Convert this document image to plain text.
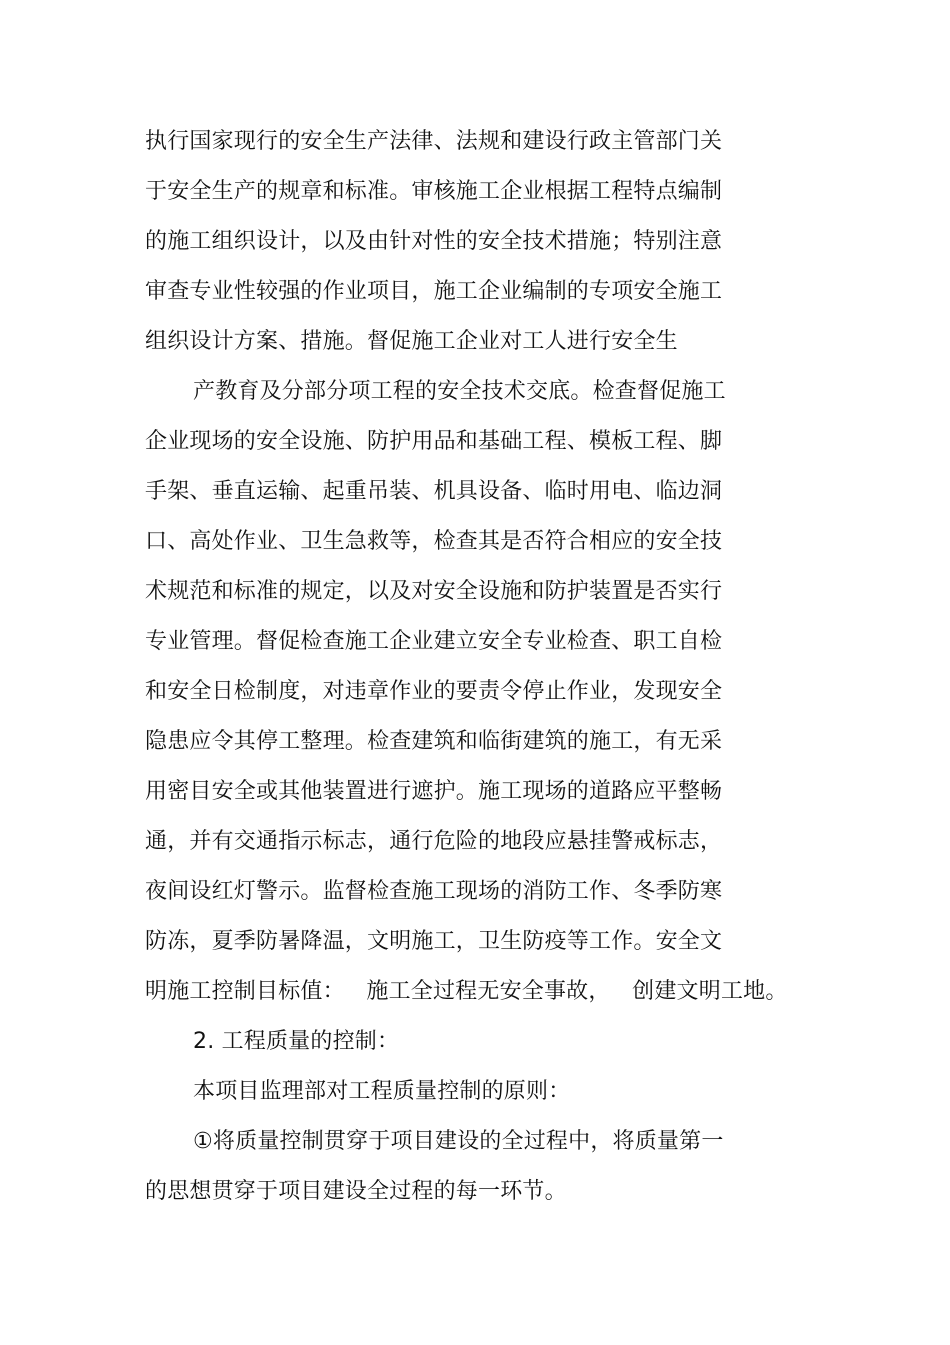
执行国家现行的安全生产法律、法规和建设行政主管部门关

于安全生产的规章和标准。审核施工企业根据工程特点编制

的施工组织设计，以及由针对性的安全技术措施；特别注意

审查专业性较强的作业项目，施工企业编制的专项安全施工

组织设计方案、措施。督促施工企业对工人进行安全生

产教育及分部分项工程的安全技术交底。检查督促施工

企业现场的安全设施、防护用品和基础工程、模板工程、脚

手架、垂直运输、起重吊装、机具设备、临时用电、临边洞

口、高处作业、卫生急救等，检查其是否符合相应的安全技

术规范和标准的规定，以及对安全设施和防护装置是否实行

专业管理。督促检查施工企业建立安全专业检查、职工自检

和安全日检制度，对违章作业的要责令停止作业，发现安全

隐患应令其停工整理。检查建筑和临街建筑的施工，有无采

用密目安全或其他装置进行遮护。施工现场的道路应平整畅

通，并有交通指示标志，通行危险的地段应悬挂警戒标志，

夜间设红灯警示。监督检查施工现场的消防工作、冬季防寒

防冻，夏季防暑降温，文明施工，卫生防疫等工作。安全文

明施工控制目标值：   施工全过程无安全事故，   创建文明工地。

2. 工程质量的控制：

本项目监理部对工程质量控制的原则：

①将质量控制贯穿于项目建设的全过程中，将质量第一

的思想贯穿于项目建设全过程的每一环节。
